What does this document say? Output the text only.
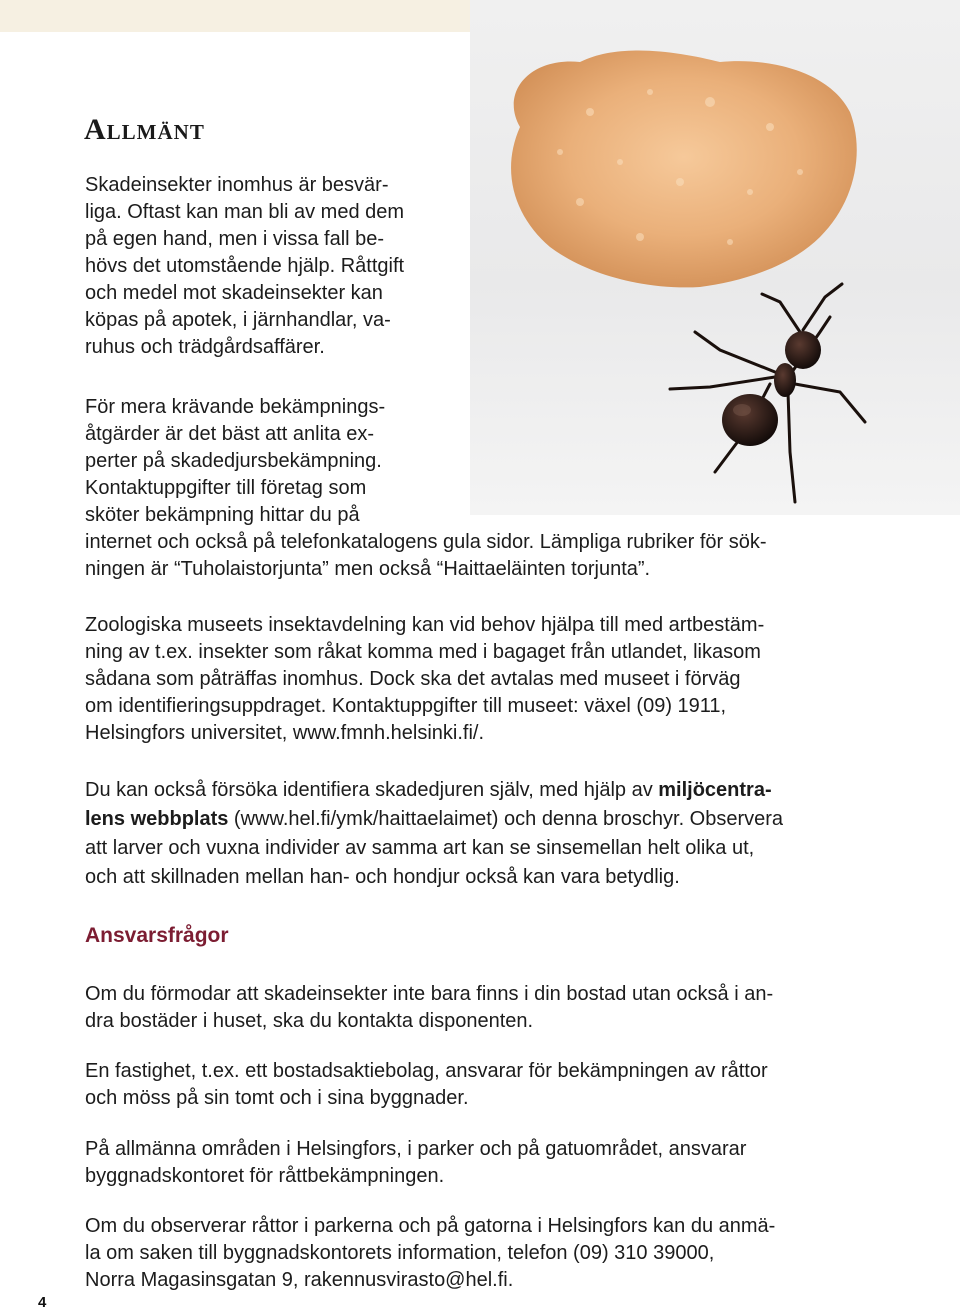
Allmänt

Skadeinsekter inomhus är besvär-
liga. Oftast kan man bli av med dem
på egen hand, men i vissa fall be-
hövs det utomstående hjälp. Råttgift
och medel mot skadeinsekter kan
köpas på apotek, i järnhandlar, va-
ruhus och trädgårdsaffärer.

För mera krävande bekämpnings-
åtgärder är det bäst att anlita ex-
perter på skadedjursbekämpning.
Kontaktuppgifter till företag som
sköter bekämpning hittar du på
internet och också på telefonkatalogens gula sidor. Lämpliga rubriker för sök-
ningen är “Tuholaistorjunta” men också “Haittaeläinten torjunta”.

Zoologiska museets insektavdelning kan vid behov hjälpa till med artbestäm-
ning av t.ex. insekter som råkat komma med i bagaget från utlandet, likasom
sådana som påträffas inomhus. Dock ska det avtalas med museet i förväg
om identifieringsuppdraget. Kontaktuppgifter till museet: växel (09) 1911,
Helsingfors universitet, www.fmnh.helsinki.fi/.

Du kan också försöka identifiera skadedjuren själv, med hjälp av miljöcentra-
lens webbplats (www.hel.fi/ymk/haittaelaimet) och denna broschyr. Observera
att larver och vuxna individer av samma art kan se sinsemellan helt olika ut,
och att skillnaden mellan han- och hondjur också kan vara betydlig.

Ansvarsfrågor

Om du förmodar att skadeinsekter inte bara finns i din bostad utan också i an-
dra bostäder i huset, ska du kontakta disponenten.

En fastighet, t.ex. ett bostadsaktiebolag, ansvarar för bekämpningen av råttor
och möss på sin tomt och i sina byggnader.

På allmänna områden i Helsingfors, i parker och på gatuområdet, ansvarar
byggnadskontoret för råttbekämpningen.

Om du observerar råttor i parkerna och på gatorna i Helsingfors kan du anmä-
la om saken till byggnadskontorets information, telefon (09) 310 39000,
Norra Magasinsgatan 9, rakennusvirasto@hel.fi.

4
